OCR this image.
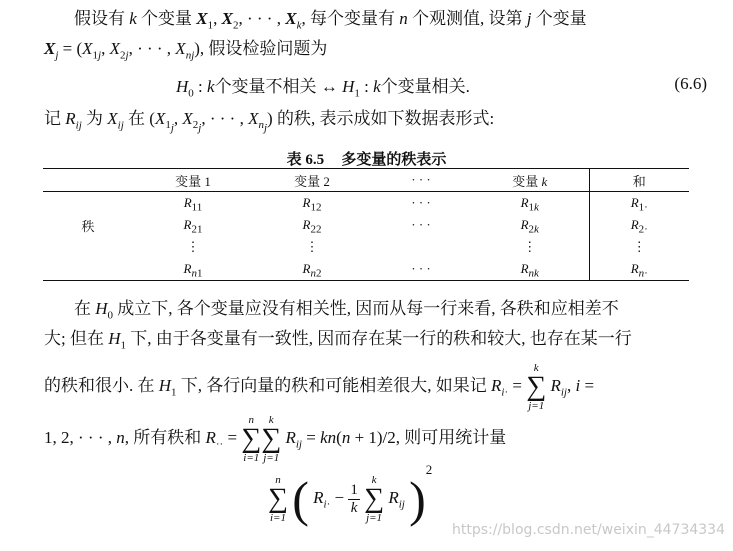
假设有 k 个变量 $X_1$, $X_2$, · · · , $X_k$, 每个变量有 n 个观测值, 设第 j 个变量
$X_j = (X_{1j}$, $X_{2j}$, · · · , $X_{nj}$), 假设检验问题为
$H_0$ : k个变量不相关 ↔ $H_1$ : k个变量相关.	(6.6)
记 $R_{ij}$ 为 $X_{ij}$ 在 ($X_{1_j}$, $X_{2_j}$, · · · , $X_{n_j}$) 的秩, 表示成如下数据表形式:
表 6.5 多变量的秩表示
	变量 1	变量 2	· · ·	变量 k	和
	$R_{11}$	$R_{12}$	· · ·	$R_{1k}$	$R_{1\cdot}$
秩	$R_{21}$	$R_{22}$	· · ·	$R_{2k}$	$R_{2\cdot}$
	⋮	⋮		⋮	⋮
	$R_{n1}$	$R_{n2}$	· · ·	$R_{nk}$	$R_{n\cdot}$
在 $H_0$ 成立下, 各个变量应没有相关性, 因而从每一行来看, 各秩和应相差不
大; 但在 $H_1$ 下, 由于各变量有一致性, 因而存在某一行的秩和较大, 也存在某一行
的秩和很小. 在 $H_1$ 下, 各行向量的秩和可能相差很大, 如果记 $R_{i\cdot}$ =
k
∑
j=1
$R_{ij}$, i =
1, 2, · · · , n, 所有秩和 $R_{\cdot\cdot}$ =
n
∑
i=1
k
∑
j=1
$R_{ij} = kn(n + 1)/2$, 则可用统计量
n
∑
i=1 ( $R_{i\cdot} - \frac{1}{k}$

k
∑
j=1
$R_{ij}$ )$^2$
https://blog.csdn.net/weixin_44734334
